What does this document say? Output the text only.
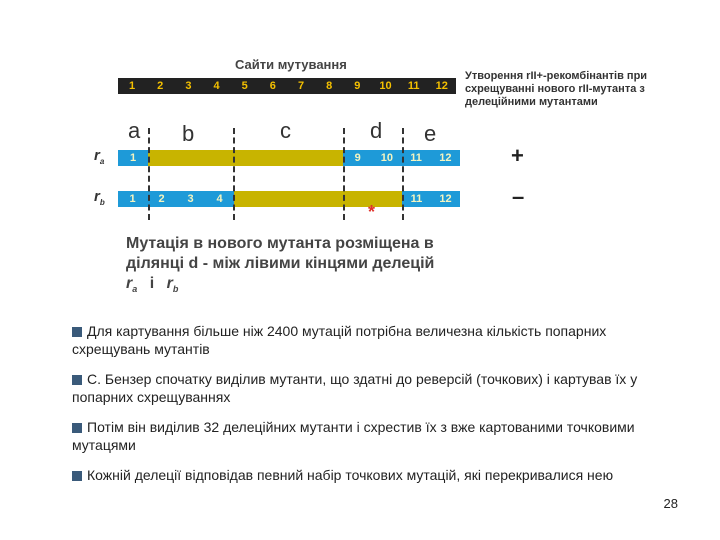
Сайти мутування
1	2	3	4	5	6	7	8	9	10	11	12
a b	c	d e
$r_a$ 1	9	10	11	12	+
$r_b$	1	2	3	4	11	12	–
*
Утворення rII+-рекомбінантів при схрещуванні нового rII-мутанта з делеційними мутантами
Мутація в нового мутанта розміщена в
ділянці d - між лівими кінцями делецій
$r_a$ і $r_b$
Для картування більше ніж 2400 мутацій потрібна величезна кількість попарних схрещувань мутантів
С. Бензер спочатку виділив мутанти, що здатні до реверсій (точкових) і картував їх у попарних схрещуваннях
Потім він виділив 32 делеційних мутанти і схрестив їх з вже картованими точковими мутацями
Кожній делеції відповідав певний набір точкових мутацій, які перекривалися нею
28
